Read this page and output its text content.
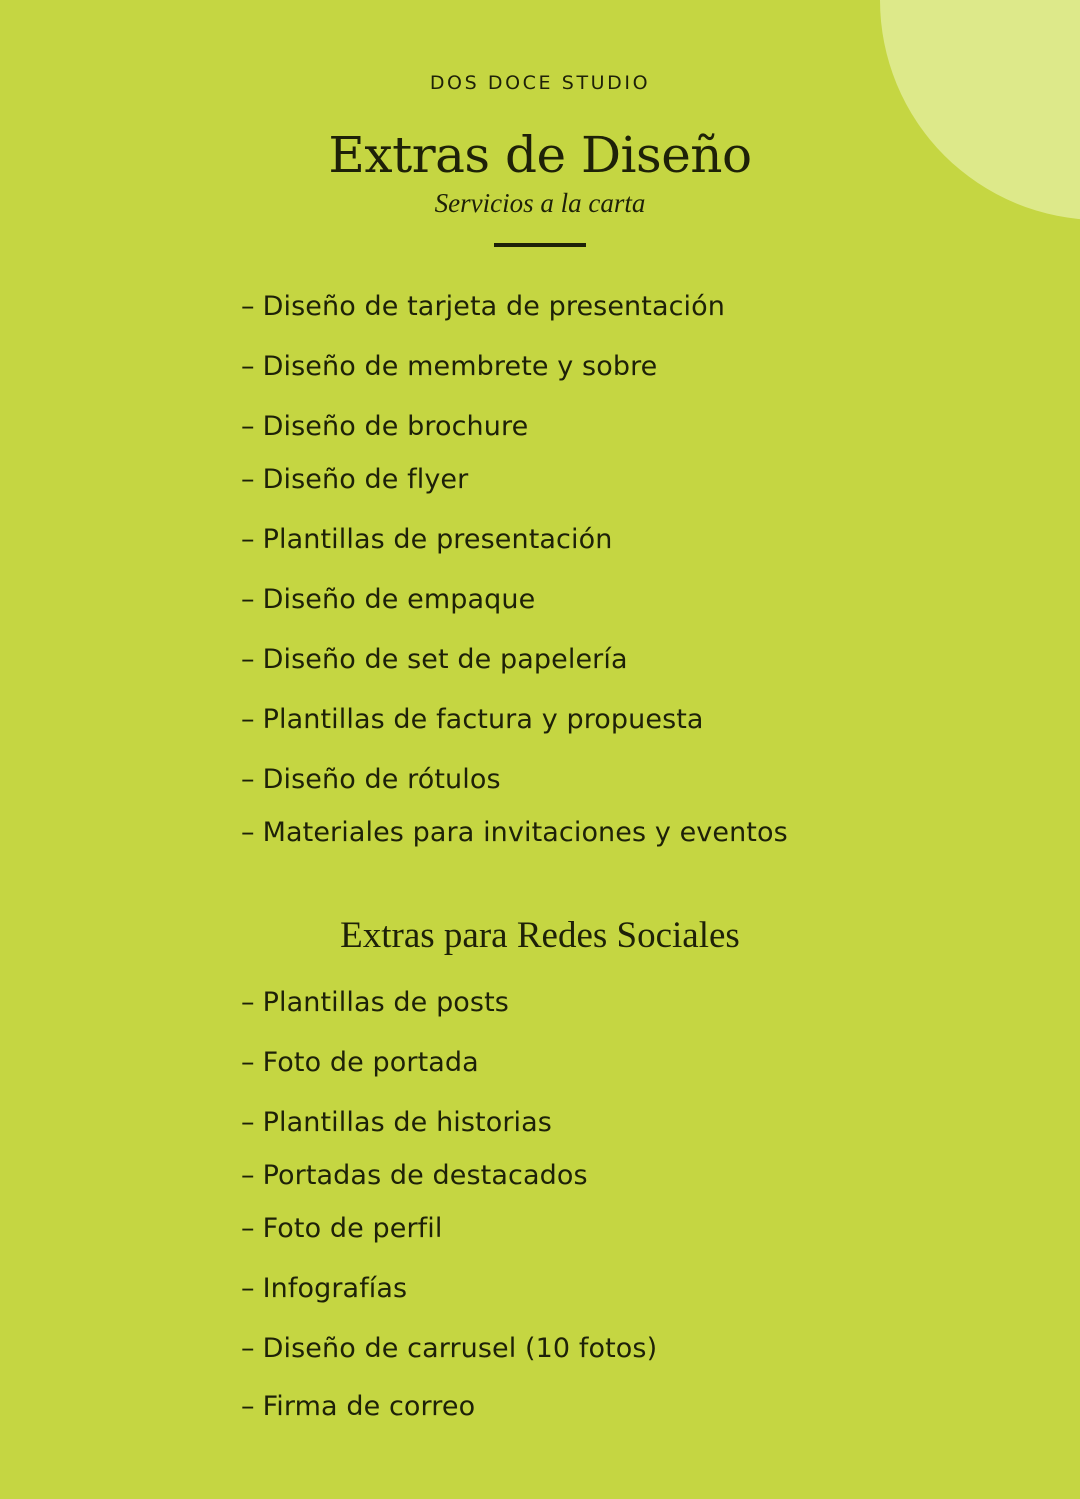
DOS DOCE STUDIO
Extras de Diseño
Servicios a la carta
– Diseño de tarjeta de presentación
– Diseño de membrete y sobre
– Diseño de brochure
– Diseño de flyer
– Plantillas de presentación
– Diseño de empaque
– Diseño de set de papelería
– Plantillas de factura y propuesta
– Diseño de rótulos
– Materiales para invitaciones y eventos
Extras para Redes Sociales
– Plantillas de posts
– Foto de portada
– Plantillas de historias
– Portadas de destacados
– Foto de perfil
– Infografías
– Diseño de carrusel (10 fotos)
– Firma de correo
